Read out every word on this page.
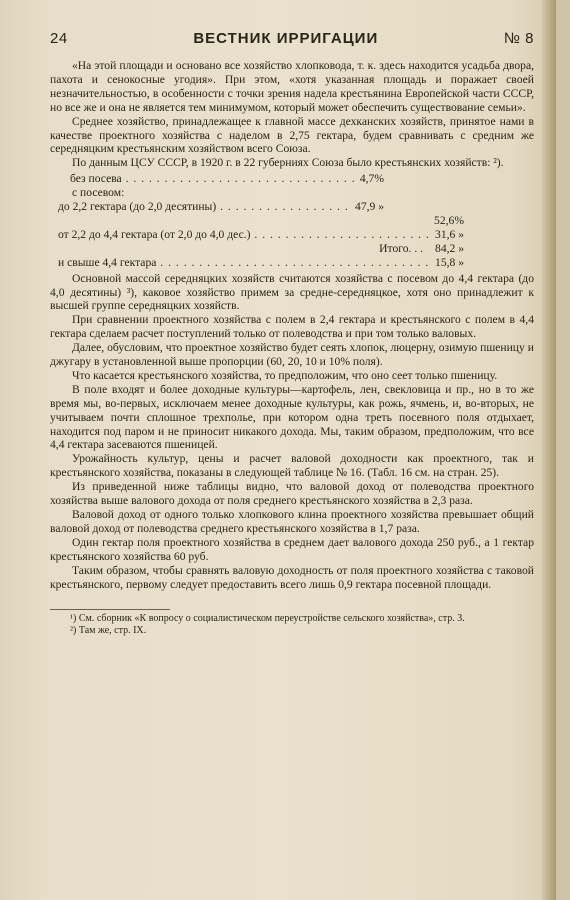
24	ВЕСТНИК ИРРИГАЦИИ	№ 8

«На этой площади и основано все хозяйство хлопковода, т. к. здесь находится усадьба двора, пахота и сенокосные угодия». При этом, «хотя указанная площадь и поражает своей незначительностью, в особенности с точки зрения надела крестьянина Европейской части СССР, но все же и она не является тем минимумом, который может обеспечить существование семьи».

Среднее хозяйство, принадлежащее к главной массе дехканских хозяйств, принятое нами в качестве проектного хозяйства с наделом в 2,75 гектара, будем сравнивать с средним же середняцким крестьянским хозяйством всего Союза.

По данным ЦСУ СССР, в 1920 г. в 22 губерниях Союза было крестьянских хозяйств: ²).

без посева . . .	4,7%
с посевом:
до 2,2 гектара (до 2,0 десятины) . . .	47,9 »
52,6%
от 2,2 до 4,4 гектара (от 2,0 до 4,0 дес.) . . .	31,6 »
Итого. . .	84,2 »
и свыше 4,4 гектара . . .	15,8 »

Основной массой середняцких хозяйств считаются хозяйства с посевом до 4,4 гектара (до 4,0 десятины) ³), каковое хозяйство примем за средне-середняцкое, хотя оно принадлежит к высшей группе середняцких хозяйств.

При сравнении проектного хозяйства с полем в 2,4 гектара и крестьянского с полем в 4,4 гектара сделаем расчет поступлений только от полеводства и при том только валовых.

Далее, обусловим, что проектное хозяйство будет сеять хлопок, люцерну, озимую пшеницу и джугару в установленной выше пропорции (60, 20, 10 и 10% поля).

Что касается крестьянского хозяйства, то предположим, что оно сеет только пшеницу.

В поле входят и более доходные культуры—картофель, лен, свекловица и пр., но в то же время мы, во-первых, исключаем менее доходные культуры, как рожь, ячмень, и, во-вторых, не учитываем почти сплошное трехполье, при котором одна треть посевного поля отдыхает, находится под паром и не приносит никакого дохода. Мы, таким образом, предположим, что все 4,4 гектара засеваются пшеницей.

Урожайность культур, цены и расчет валовой доходности как проектного, так и крестьянского хозяйства, показаны в следующей таблице № 16. (Табл. 16 см. на стран. 25).

Из приведенной ниже таблицы видно, что валовой доход от полеводства проектного хозяйства выше валового дохода от поля среднего крестьянского хозяйства в 2,3 раза.

Валовой доход от одного только хлопкового клина проектного хозяйства превышает общий валовой доход от полеводства среднего крестьянского хозяйства в 1,7 раза.

Один гектар поля проектного хозяйства в среднем дает валового дохода 250 руб., а 1 гектар крестьянского хозяйства 60 руб.

Таким образом, чтобы сравнять валовую доходность от поля проектного хозяйства с таковой крестьянского, первому следует предоставить всего лишь 0,9 гектара посевной площади.

¹) См. сборник «К вопросу о социалистическом переустройстве сельского хозяйства», стр. 3.

²) Там же, стр. IX.
